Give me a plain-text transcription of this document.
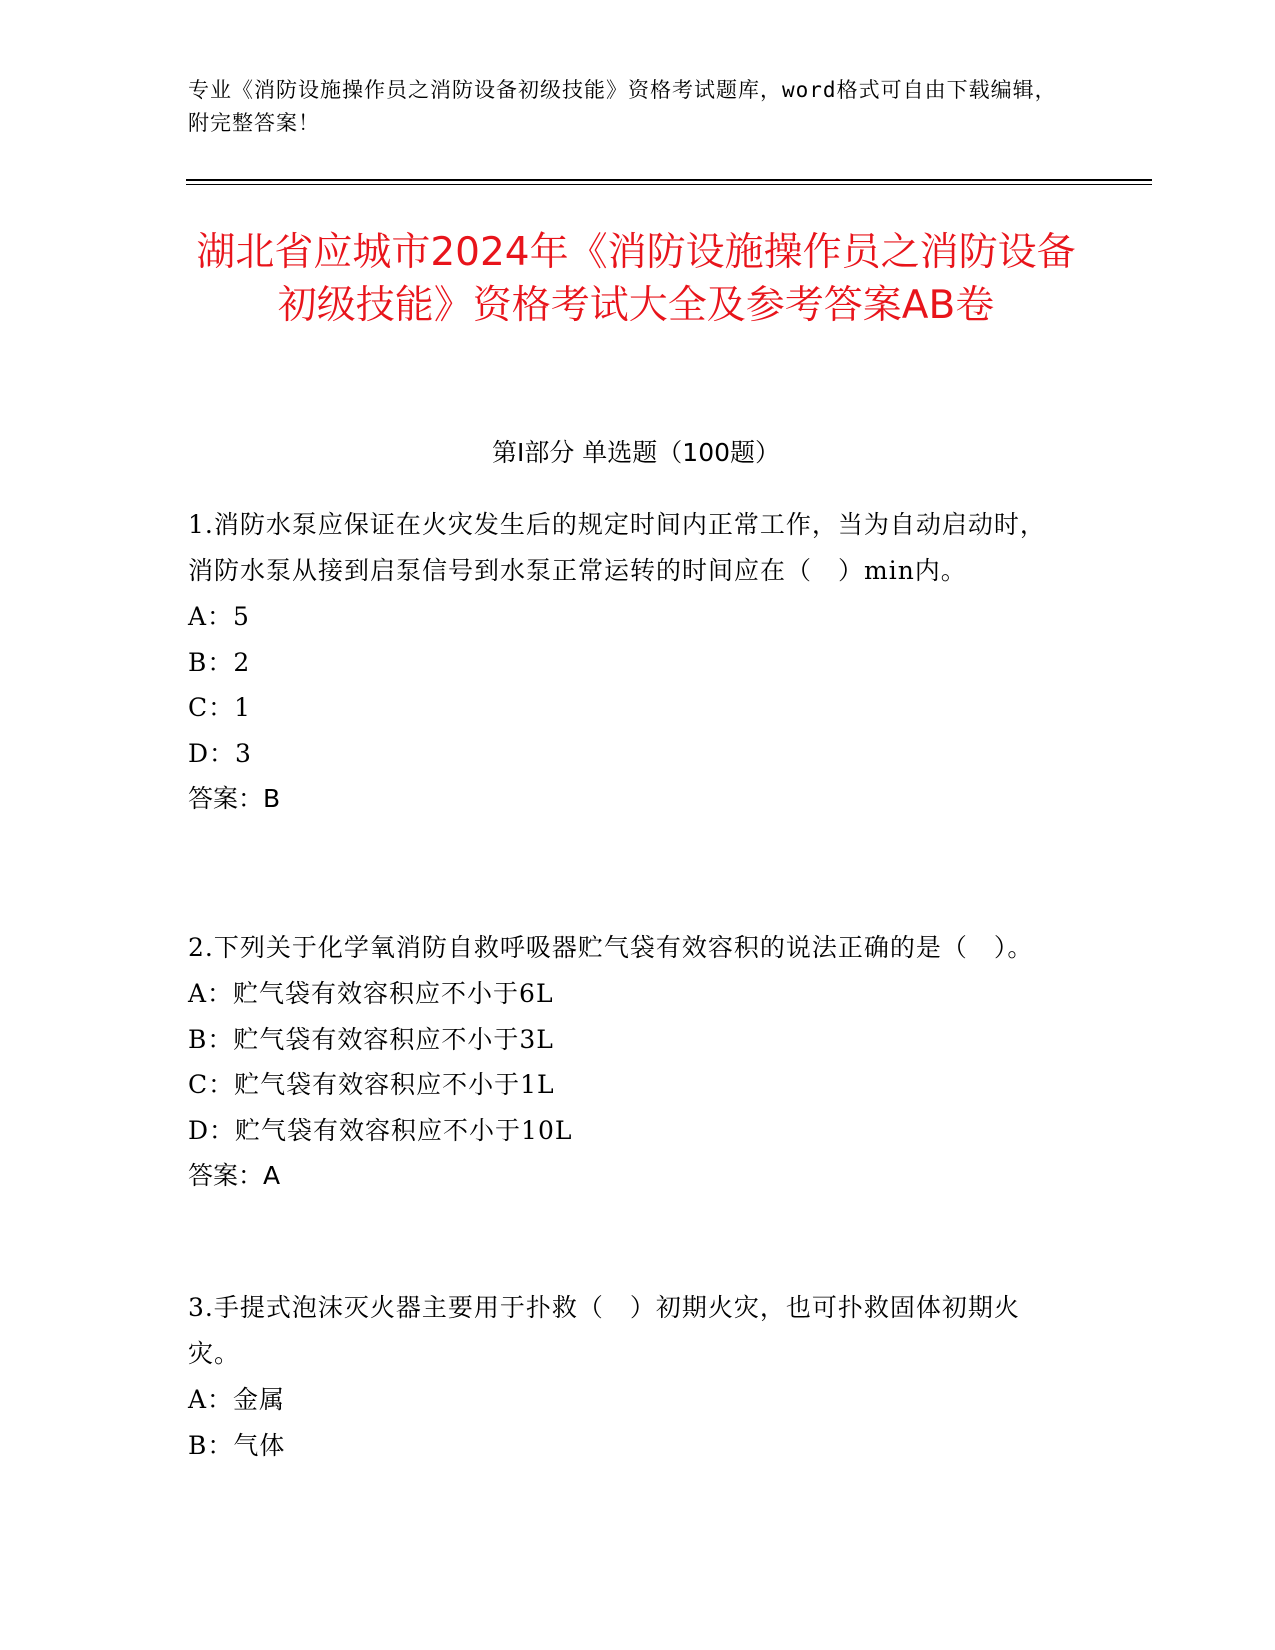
专业《消防设施操作员之消防设备初级技能》资格考试题库，word格式可自由下载编辑，附完整答案！
湖北省应城市2024年《消防设施操作员之消防设备初级技能》资格考试大全及参考答案AB卷
第Ⅰ部分 单选题（100题）
1.消防水泵应保证在火灾发生后的规定时间内正常工作，当为自动启动时，消防水泵从接到启泵信号到水泵正常运转的时间应在（　）min内。
A：5
B：2
C：1
D：3
答案：B
2.下列关于化学氧消防自救呼吸器贮气袋有效容积的说法正确的是（　）。
A：贮气袋有效容积应不小于6L
B：贮气袋有效容积应不小于3L
C：贮气袋有效容积应不小于1L
D：贮气袋有效容积应不小于10L
答案：A
3.手提式泡沫灭火器主要用于扑救（　）初期火灾，也可扑救固体初期火灾。
A：金属
B：气体
